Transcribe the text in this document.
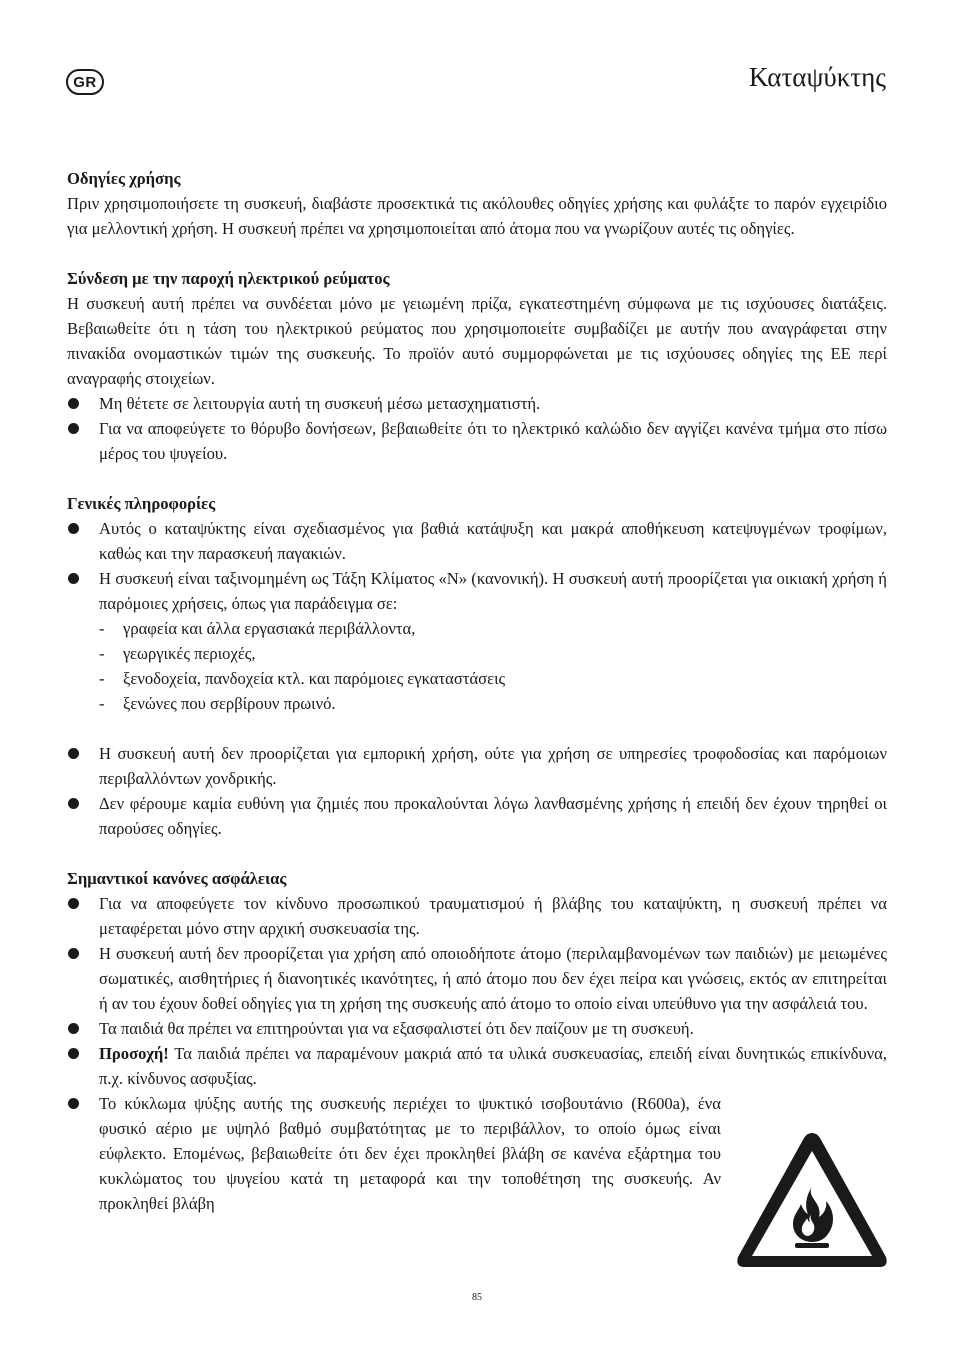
GR	Καταψύκτης
Οδηγίες χρήσης
Πριν χρησιμοποιήσετε τη συσκευή, διαβάστε προσεκτικά τις ακόλουθες οδηγίες χρήσης και φυλάξτε το παρόν εγχειρίδιο για μελλοντική χρήση. Η συσκευή πρέπει να χρησιμοποιείται από άτομα που να γνωρίζουν αυτές τις οδηγίες.
Σύνδεση με την παροχή ηλεκτρικού ρεύματος
Η συσκευή αυτή πρέπει να συνδέεται μόνο με γειωμένη πρίζα, εγκατεστημένη σύμφωνα με τις ισχύουσες διατάξεις. Βεβαιωθείτε ότι η τάση του ηλεκτρικού ρεύματος που χρησιμοποιείτε συμβαδίζει με αυτήν που αναγράφεται στην πινακίδα ονομαστικών τιμών της συσκευής. Το προϊόν αυτό συμμορφώνεται με τις ισχύουσες οδηγίες της ΕΕ περί αναγραφής στοιχείων.
Μη θέτετε σε λειτουργία αυτή τη συσκευή μέσω μετασχηματιστή.
Για να αποφεύγετε το θόρυβο δονήσεων, βεβαιωθείτε ότι το ηλεκτρικό καλώδιο δεν αγγίζει κανένα τμήμα στο πίσω μέρος του ψυγείου.
Γενικές πληροφορίες
Αυτός ο καταψύκτης είναι σχεδιασμένος για βαθιά κατάψυξη και μακρά αποθήκευση κατεψυγμένων τροφίμων, καθώς και την παρασκευή παγακιών.
Η συσκευή είναι ταξινομημένη ως Τάξη Κλίματος «N» (κανονική). Η συσκευή αυτή προορίζεται για οικιακή χρήση ή παρόμοιες χρήσεις, όπως για παράδειγμα σε:
- γραφεία και άλλα εργασιακά περιβάλλοντα,
- γεωργικές περιοχές,
- ξενοδοχεία, πανδοχεία κτλ. και παρόμοιες εγκαταστάσεις
- ξενώνες που σερβίρουν πρωινό.
Η συσκευή αυτή δεν προορίζεται για εμπορική χρήση, ούτε για χρήση σε υπηρεσίες τροφοδοσίας και παρόμοιων περιβαλλόντων χονδρικής.
Δεν φέρουμε καμία ευθύνη για ζημιές που προκαλούνται λόγω λανθασμένης χρήσης ή επειδή δεν έχουν τηρηθεί οι παρούσες οδηγίες.
Σημαντικοί κανόνες ασφάλειας
Για να αποφεύγετε τον κίνδυνο προσωπικού τραυματισμού ή βλάβης του καταψύκτη, η συσκευή πρέπει να μεταφέρεται μόνο στην αρχική συσκευασία της.
Η συσκευή αυτή δεν προορίζεται για χρήση από οποιοδήποτε άτομο (περιλαμβανομένων των παιδιών) με μειωμένες σωματικές, αισθητήριες ή διανοητικές ικανότητες, ή από άτομο που δεν έχει πείρα και γνώσεις, εκτός αν επιτηρείται ή αν του έχουν δοθεί οδηγίες για τη χρήση της συσκευής από άτομο το οποίο είναι υπεύθυνο για την ασφάλειά του.
Τα παιδιά θα πρέπει να επιτηρούνται για να εξασφαλιστεί ότι δεν παίζουν με τη συσκευή.
Προσοχή! Τα παιδιά πρέπει να παραμένουν μακριά από τα υλικά συσκευασίας, επειδή είναι δυνητικώς επικίνδυνα, π.χ. κίνδυνος ασφυξίας.
Το κύκλωμα ψύξης αυτής της συσκευής περιέχει το ψυκτικό ισοβουτάνιο (R600a), ένα φυσικό αέριο με υψηλό βαθμό συμβατότητας με το περιβάλλον, το οποίο όμως είναι εύφλεκτο. Επομένως, βεβαιωθείτε ότι δεν έχει προκληθεί βλάβη σε κανένα εξάρτημα του κυκλώματος του ψυγείου κατά τη μεταφορά και την τοποθέτηση της συσκευής. Αν προκληθεί βλάβη
85
